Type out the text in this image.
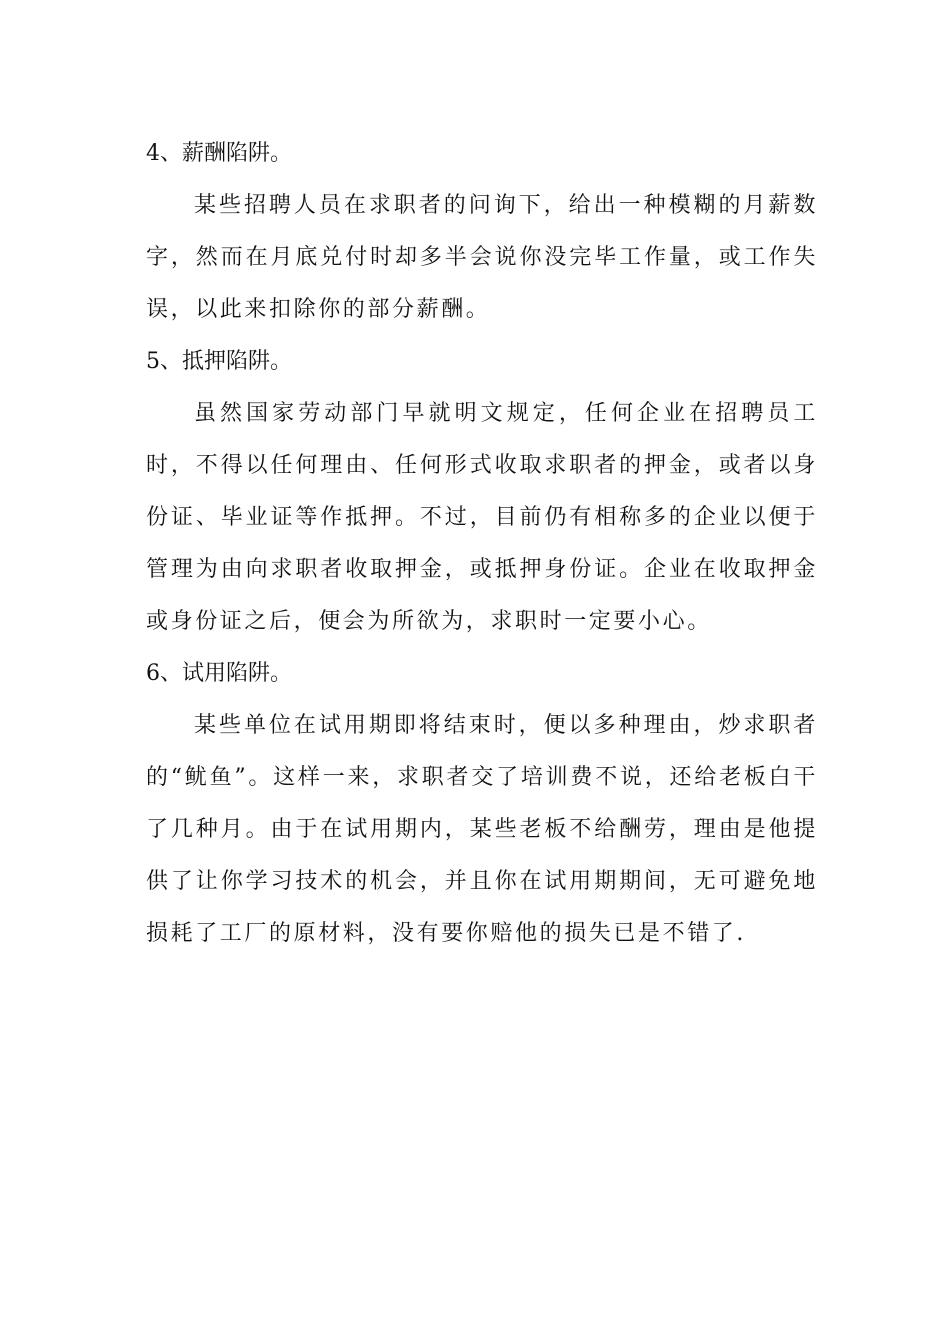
4、薪酬陷阱。

某些招聘人员在求职者的问询下，给出一种模糊的月薪数字，然而在月底兑付时却多半会说你没完毕工作量，或工作失误，以此来扣除你的部分薪酬。

5、抵押陷阱。

虽然国家劳动部门早就明文规定，任何企业在招聘员工时，不得以任何理由、任何形式收取求职者的押金，或者以身份证、毕业证等作抵押。不过，目前仍有相称多的企业以便于管理为由向求职者收取押金，或抵押身份证。企业在收取押金或身份证之后，便会为所欲为，求职时一定要小心。

6、试用陷阱。

某些单位在试用期即将结束时，便以多种理由，炒求职者的“鱿鱼”。这样一来，求职者交了培训费不说，还给老板白干了几种月。由于在试用期内，某些老板不给酬劳，理由是他提供了让你学习技术的机会，并且你在试用期期间，无可避免地损耗了工厂的原材料，没有要你赔他的损失已是不错了.
